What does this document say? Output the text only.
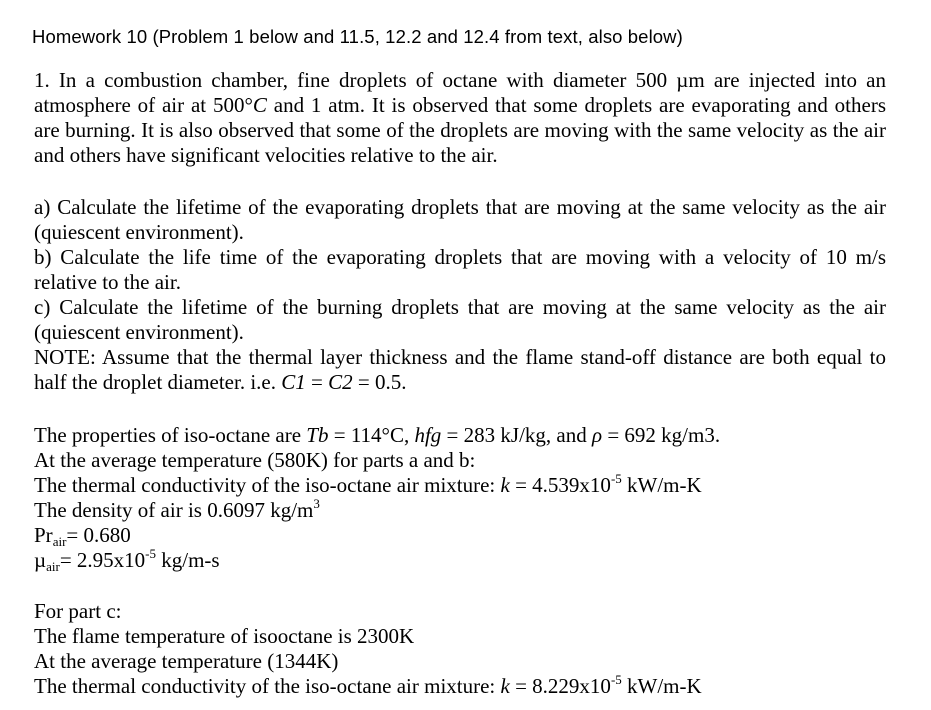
Homework 10 (Problem 1 below and 11.5, 12.2 and 12.4 from text, also below)
1. In a combustion chamber, fine droplets of octane with diameter 500 µm are injected into an atmosphere of air at 500°C and 1 atm. It is observed that some droplets are evaporating and others are burning. It is also observed that some of the droplets are moving with the same velocity as the air and others have significant velocities relative to the air.
a) Calculate the lifetime of the evaporating droplets that are moving at the same velocity as the air (quiescent environment).
b) Calculate the life time of the evaporating droplets that are moving with a velocity of 10 m/s relative to the air.
c) Calculate the lifetime of the burning droplets that are moving at the same velocity as the air (quiescent environment).
NOTE: Assume that the thermal layer thickness and the flame stand-off distance are both equal to half the droplet diameter. i.e. C1 = C2 = 0.5.
The properties of iso-octane are Tb = 114°C, hfg = 283 kJ/kg, and ρ = 692 kg/m3.
At the average temperature (580K) for parts a and b:
The thermal conductivity of the iso-octane air mixture: $k = 4.539x10^{-5}$ kW/m-K
The density of air is 0.6097 $kg/m^3$
$Pr_{air}= 0.680$
$\mu_{air}= 2.95x10^{-5}$ kg/m-s
For part c:
The flame temperature of isooctane is 2300K
At the average temperature (1344K)
The thermal conductivity of the iso-octane air mixture: $k = 8.229x10^{-5}$ kW/m-K
